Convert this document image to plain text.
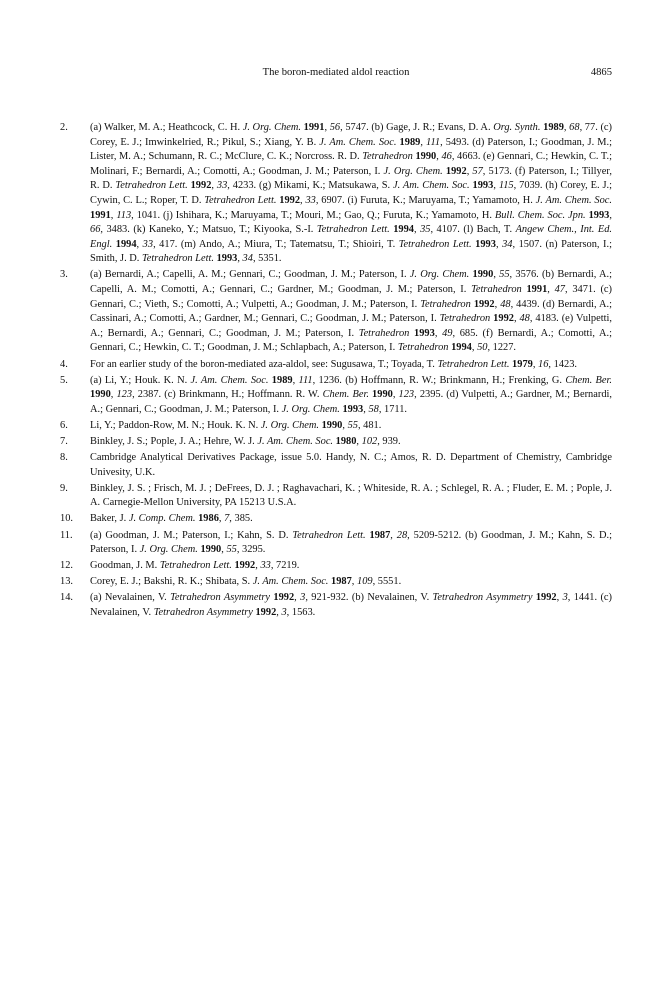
The boron-mediated aldol reaction	4865
2. (a) Walker, M. A.; Heathcock, C. H. J. Org. Chem. 1991, 56, 5747. (b) Gage, J. R.; Evans, D. A. Org. Synth. 1989, 68, 77. (c) Corey, E. J.; Imwinkelried, R.; Pikul, S.; Xiang, Y. B. J. Am. Chem. Soc. 1989, 111, 5493. (d) Paterson, I.; Goodman, J. M.; Lister, M. A.; Schumann, R. C.; McClure, C. K.; Norcross. R. D. Tetrahedron 1990, 46, 4663. (e) Gennari, C.; Hewkin, C. T.; Molinari, F.; Bernardi, A.; Comotti, A.; Goodman, J. M.; Paterson, I. J. Org. Chem. 1992, 57, 5173. (f) Paterson, I.; Tillyer, R. D. Tetrahedron Lett. 1992, 33, 4233. (g) Mikami, K.; Matsukawa, S. J. Am. Chem. Soc. 1993, 115, 7039. (h) Corey, E. J.; Cywin, C. L.; Roper, T. D. Tetrahedron Lett. 1992, 33, 6907. (i) Furuta, K.; Maruyama, T.; Yamamoto, H. J. Am. Chem. Soc. 1991, 113, 1041. (j) Ishihara, K.; Maruyama, T.; Mouri, M.; Gao, Q.; Furuta, K.; Yamamoto, H. Bull. Chem. Soc. Jpn. 1993, 66, 3483. (k) Kaneko, Y.; Matsuo, T.; Kiyooka, S.-I. Tetrahedron Lett. 1994, 35, 4107. (l) Bach, T. Angew Chem., Int. Ed. Engl. 1994, 33, 417. (m) Ando, A.; Miura, T.; Tatematsu, T.; Shioiri, T. Tetrahedron Lett. 1993, 34, 1507. (n) Paterson, I.; Smith, J. D. Tetrahedron Lett. 1993, 34, 5351.
3. (a) Bernardi, A.; Capelli, A. M.; Gennari, C.; Goodman, J. M.; Paterson, I. J. Org. Chem. 1990, 55, 3576. (b) Bernardi, A.; Capelli, A. M.; Comotti, A.; Gennari, C.; Gardner, M.; Goodman, J. M.; Paterson, I. Tetrahedron 1991, 47, 3471. (c) Gennari, C.; Vieth, S.; Comotti, A.; Vulpetti, A.; Goodman, J. M.; Paterson, I. Tetrahedron 1992, 48, 4439. (d) Bernardi, A.; Cassinari, A.; Comotti, A.; Gardner, M.; Gennari, C.; Goodman, J. M.; Paterson, I. Tetrahedron 1992, 48, 4183. (e) Vulpetti, A.; Bernardi, A.; Gennari, C.; Goodman, J. M.; Paterson, I. Tetrahedron 1993, 49, 685. (f) Bernardi, A.; Comotti, A.; Gennari, C.; Hewkin, C. T.; Goodman, J. M.; Schlapbach, A.; Paterson, I. Tetrahedron 1994, 50, 1227.
4. For an earlier study of the boron-mediated aza-aldol, see: Sugusawa, T.; Toyada, T. Tetrahedron Lett. 1979, 16, 1423.
5. (a) Li, Y.; Houk. K. N. J. Am. Chem. Soc. 1989, 111, 1236. (b) Hoffmann, R. W.; Brinkmann, H.; Frenking, G. Chem. Ber. 1990, 123, 2387. (c) Brinkmann, H.; Hoffmann. R. W. Chem. Ber. 1990, 123, 2395. (d) Vulpetti, A.; Gardner, M.; Bernardi, A.; Gennari, C.; Goodman, J. M.; Paterson, I. J. Org. Chem. 1993, 58, 1711.
6. Li, Y.; Paddon-Row, M. N.; Houk. K. N. J. Org. Chem. 1990, 55, 481.
7. Binkley, J. S.; Pople, J. A.; Hehre, W. J. J. Am. Chem. Soc. 1980, 102, 939.
8. Cambridge Analytical Derivatives Package, issue 5.0. Handy, N. C.; Amos, R. D. Department of Chemistry, Cambridge Univesity, U.K.
9. Binkley, J. S. ; Frisch, M. J. ; DeFrees, D. J. ; Raghavachari, K. ; Whiteside, R. A. ; Schlegel, R. A. ; Fluder, E. M. ; Pople, J. A. Carnegie-Mellon University, PA 15213 U.S.A.
10. Baker, J. J. Comp. Chem. 1986, 7, 385.
11. (a) Goodman, J. M.; Paterson, I.; Kahn, S. D. Tetrahedron Lett. 1987, 28, 5209-5212. (b) Goodman, J. M.; Kahn, S. D.; Paterson, I. J. Org. Chem. 1990, 55, 3295.
12. Goodman, J. M. Tetrahedron Lett. 1992, 33, 7219.
13. Corey, E. J.; Bakshi, R. K.; Shibata, S. J. Am. Chem. Soc. 1987, 109, 5551.
14. (a) Nevalainen, V. Tetrahedron Asymmetry 1992, 3, 921-932. (b) Nevalainen, V. Tetrahedron Asymmetry 1992, 3, 1441. (c) Nevalainen, V. Tetrahedron Asymmetry 1992, 3, 1563.
